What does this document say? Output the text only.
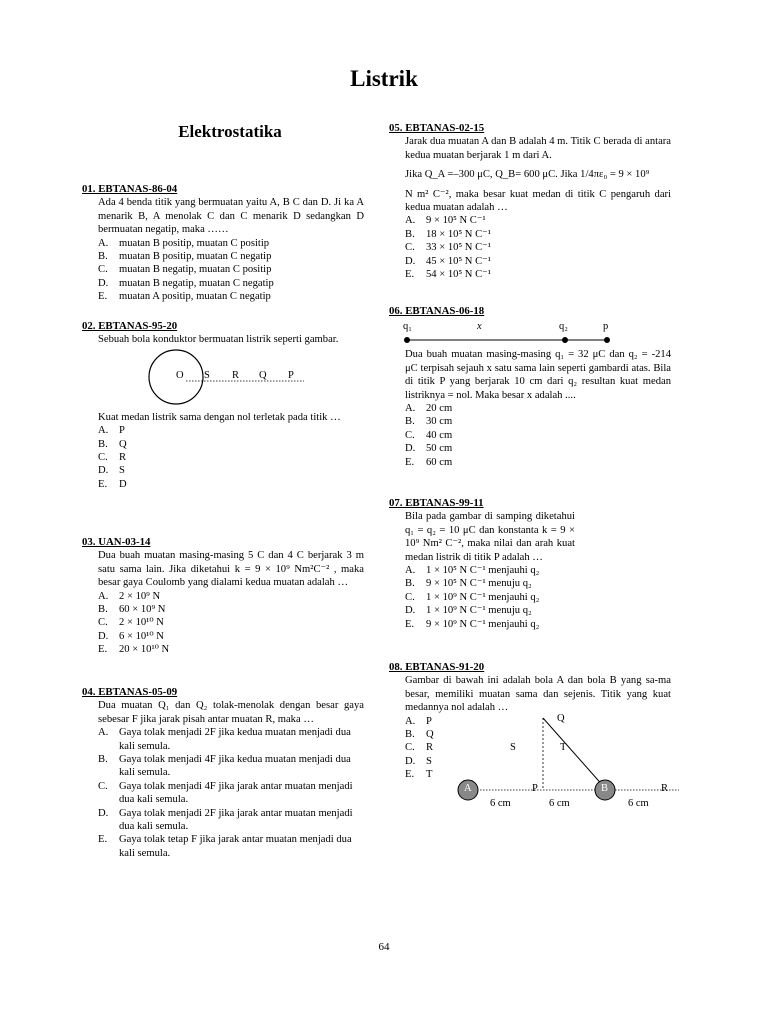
Listrik
Elektrostatika
01. EBTANAS-86-04
Ada 4 benda titik yang bermuatan yaitu A, B C dan D. Ji ka A menarik B, A menolak C dan C menarik D sedangkan D bermuatan negatip, maka ……
A.	muatan B positip, muatan C positip
B.	muatan B positip, muatan C negatip
C.	muatan B negatip, muatan C positip
D.	muatan B negatip, muatan C negatip
E.	muatan A positip, muatan C negatip
02. EBTANAS-95-20
Sebuah bola konduktor bermuatan listrik seperti gambar.
O S R Q P
Kuat medan listrik sama dengan nol terletak pada titik …
A.	P
B.	Q
C.	R
D.	S
E.	D
03. UAN-03-14
Dua buah muatan masing-masing 5 C dan 4 C berjarak 3 m satu sama lain. Jika diketahui k = 9 × 10⁹ Nm²C⁻² , maka besar gaya Coulomb yang dialami kedua muatan adalah …
A.	2 × 10⁹ N
B.	60 × 10⁹ N
C.	2 × 10¹⁰ N
D.	6 × 10¹⁰ N
E.	20 × 10¹⁰ N
04. EBTANAS-05-09
Dua muatan Q₁ dan Q₂ tolak-menolak dengan besar gaya sebesar F jika jarak pisah antar muatan R, maka …
A.	Gaya tolak menjadi 2F jika kedua muatan menjadi dua kali semula.
B.	Gaya tolak menjadi 4F jika kedua muatan menjadi dua kali semula.
C.	Gaya tolak menjadi 4F jika jarak antar muatan menjadi dua kali semula.
D.	Gaya tolak menjadi 2F jika jarak antar muatan menjadi dua kali semula.
E.	Gaya tolak tetap F jika jarak antar muatan menjadi dua kali semula.
05. EBTANAS-02-15
Jarak dua muatan A dan B adalah 4 m. Titik C berada di antara kedua muatan berjarak 1 m dari A.
Jika Q_A =–300 μC, Q_B= 600 μC. Jika 1/4πε₀ = 9 × 10⁹
N m² C⁻², maka besar kuat medan di titik C pengaruh dari kedua muatan adalah …
A.	9 × 10⁵ N C⁻¹
B.	18 × 10⁵ N C⁻¹
C.	33 × 10⁵ N C⁻¹
D.	45 × 10⁵ N C⁻¹
E.	54 × 10⁵ N C⁻¹
06. EBTANAS-06-18
q₁	x	q₂	p
Dua buah muatan masing-masing q₁ = 32 μC dan q₂ = -214 μC terpisah sejauh x satu sama lain seperti gambardi atas. Bila di titik P yang berjarak 10 cm dari q₂ resultan kuat medan listriknya = nol. Maka besar x adalah ....
A.	20 cm
B.	30 cm
C.	40 cm
D.	50 cm
E.	60 cm
07. EBTANAS-99-11
Bila pada gambar di samping diketahui q₁ = q₂ = 10 μC dan konstanta k = 9 × 10⁹ Nm² C⁻², maka nilai dan arah kuat medan listrik di titik P adalah …
A.	1 × 10⁵ N C⁻¹ menjauhi q₂
B.	9 × 10⁵ N C⁻¹ menuju q₂
C.	1 × 10⁹ N C⁻¹ menjauhi q₂
D.	1 × 10⁹ N C⁻¹ menuju q₂
E.	9 × 10⁹ N C⁻¹ menjauhi q₂
08. EBTANAS-91-20
Gambar di bawah ini adalah bola A dan bola B yang sa-ma besar, memiliki muatan sama dan sejenis. Titik yang kuat medannya nol adalah …
A.	P
B.	Q
C.	R
D.	S
E.	T
Q
S	T
A	P	B	R
6 cm	6 cm	6 cm
64
